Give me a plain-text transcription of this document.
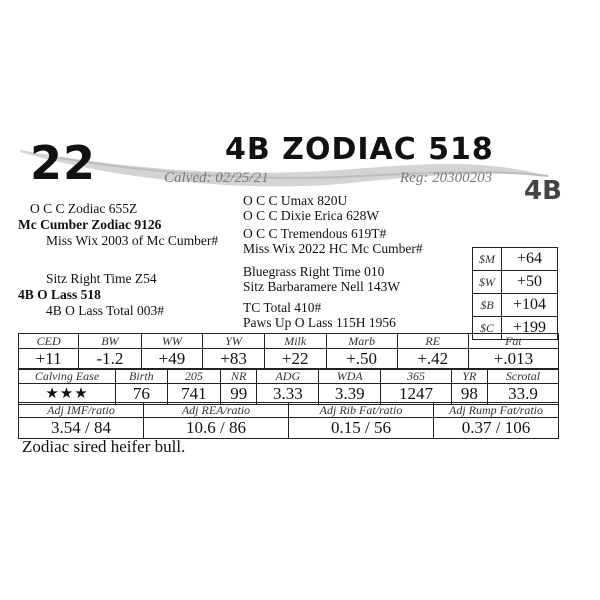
22	4B ZODIAC 518
Calved: 02/25/21	Reg: 20300203 4B
O C C Zodiac 655Z
Mc Cumber Zodiac 9126
Miss Wix 2003 of Mc Cumber#
Sitz Right Time Z54
4B O Lass 518
4B O Lass Total 003#
O C C Umax 820U
O C C Dixie Erica 628W
O C C Tremendous 619T#
Miss Wix 2022 HC Mc Cumber#
Bluegrass Right Time 010
Sitz Barbaramere Nell 143W
TC Total 410#
Paws Up O Lass 115H 1956
$M	+64
$W	+50
$B	+104
$C	+199
CED	BW	WW	YW	Milk	Marb	RE	Fat
+11	-1.2	+49	+83	+22	+.50	+.42	+.013
Calving Ease	Birth	205	NR	ADG	WDA	365	YR	Scrotal
★★★	76	741	99	3.33	3.39	1247	98	33.9
Adj IMF/ratio	Adj REA/ratio	Adj Rib Fat/ratio	Adj Rump Fat/ratio
3.54 / 84	10.6 / 86	0.15 / 56	0.37 / 106
Zodiac sired heifer bull.
